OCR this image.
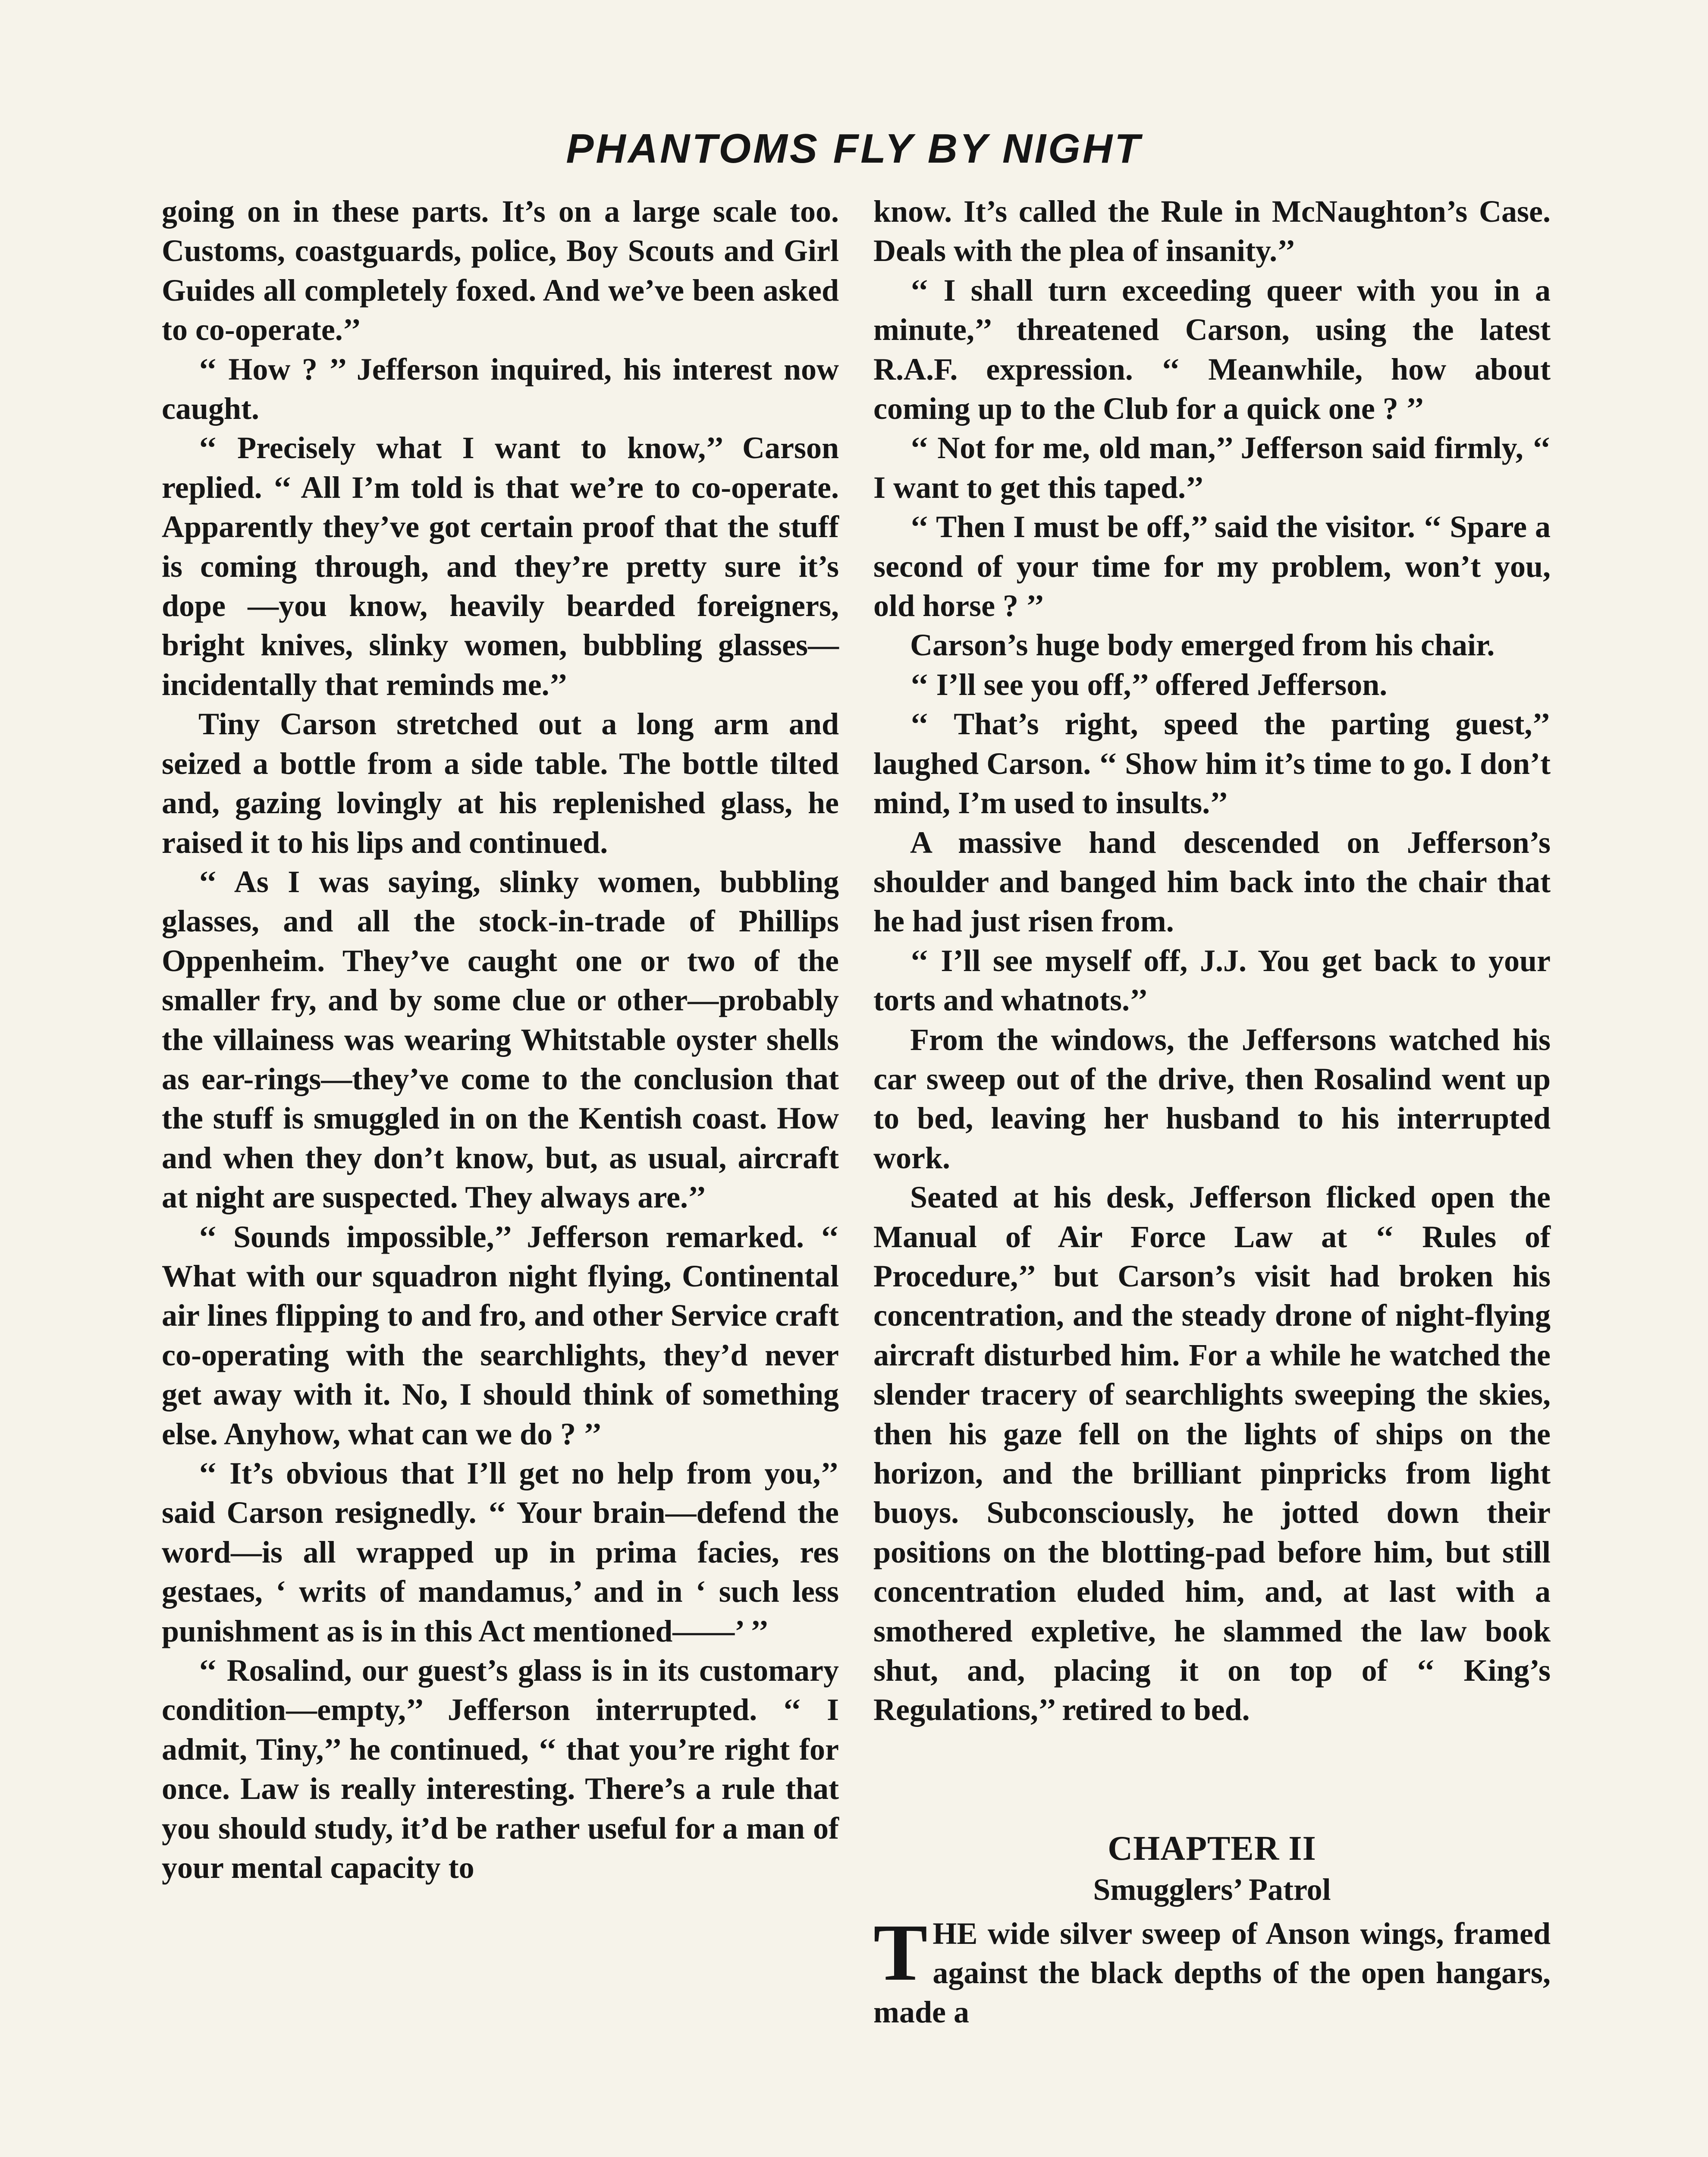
PHANTOMS FLY BY NIGHT

going on in these parts. It’s on a large scale too. Customs, coastguards, police, Boy Scouts and Girl Guides all completely foxed. And we’ve been asked to co-operate.’’

‘‘ How ? ’’ Jefferson inquired, his interest now caught.

‘‘ Precisely what I want to know,’’ Carson replied. ‘‘ All I’m told is that we’re to co-operate. Apparently they’ve got certain proof that the stuff is coming through, and they’re pretty sure it’s dope —you know, heavily bearded foreigners, bright knives, slinky women, bubbling glasses—incidentally that reminds me.’’

Tiny Carson stretched out a long arm and seized a bottle from a side table. The bottle tilted and, gazing lovingly at his replenished glass, he raised it to his lips and continued.

‘‘ As I was saying, slinky women, bubbling glasses, and all the stock-in-trade of Phillips Oppenheim. They’ve caught one or two of the smaller fry, and by some clue or other—probably the villainess was wearing Whitstable oyster shells as ear-rings—they’ve come to the conclusion that the stuff is smuggled in on the Kentish coast. How and when they don’t know, but, as usual, aircraft at night are suspected. They always are.’’

‘‘ Sounds impossible,’’ Jefferson remarked. ‘‘ What with our squadron night flying, Continental air lines flipping to and fro, and other Service craft co-operating with the searchlights, they’d never get away with it. No, I should think of something else. Anyhow, what can we do ? ’’

‘‘ It’s obvious that I’ll get no help from you,’’ said Carson resignedly. ‘‘ Your brain—defend the word—is all wrapped up in prima facies, res gestaes, ‘ writs of mandamus,’ and in ‘ such less punishment as is in this Act mentioned——’ ’’

‘‘ Rosalind, our guest’s glass is in its customary condition—empty,’’ Jefferson interrupted. ‘‘ I admit, Tiny,’’ he continued, ‘‘ that you’re right for once. Law is really interesting. There’s a rule that you should study, it’d be rather useful for a man of your mental capacity to

know. It’s called the Rule in McNaughton’s Case. Deals with the plea of insanity.’’

‘‘ I shall turn exceeding queer with you in a minute,’’ threatened Carson, using the latest R.A.F. expression. ‘‘ Meanwhile, how about coming up to the Club for a quick one ? ’’

‘‘ Not for me, old man,’’ Jefferson said firmly, ‘‘ I want to get this taped.’’

‘‘ Then I must be off,’’ said the visitor. ‘‘ Spare a second of your time for my problem, won’t you, old horse ? ’’

Carson’s huge body emerged from his chair.

‘‘ I’ll see you off,’’ offered Jefferson.

‘‘ That’s right, speed the parting guest,’’ laughed Carson. ‘‘ Show him it’s time to go. I don’t mind, I’m used to insults.’’

A massive hand descended on Jefferson’s shoulder and banged him back into the chair that he had just risen from.

‘‘ I’ll see myself off, J.J. You get back to your torts and whatnots.’’

From the windows, the Jeffersons watched his car sweep out of the drive, then Rosalind went up to bed, leaving her husband to his interrupted work.

Seated at his desk, Jefferson flicked open the Manual of Air Force Law at ‘‘ Rules of Procedure,’’ but Carson’s visit had broken his concentration, and the steady drone of night-flying aircraft disturbed him. For a while he watched the slender tracery of searchlights sweeping the skies, then his gaze fell on the lights of ships on the horizon, and the brilliant pinpricks from light buoys. Subconsciously, he jotted down their positions on the blotting-pad before him, but still concentration eluded him, and, at last with a smothered expletive, he slammed the law book shut, and, placing it on top of ‘‘ King’s Regulations,’’ retired to bed.

CHAPTER II
Smugglers’ Patrol

THE wide silver sweep of Anson wings, framed against the black depths of the open hangars, made a
